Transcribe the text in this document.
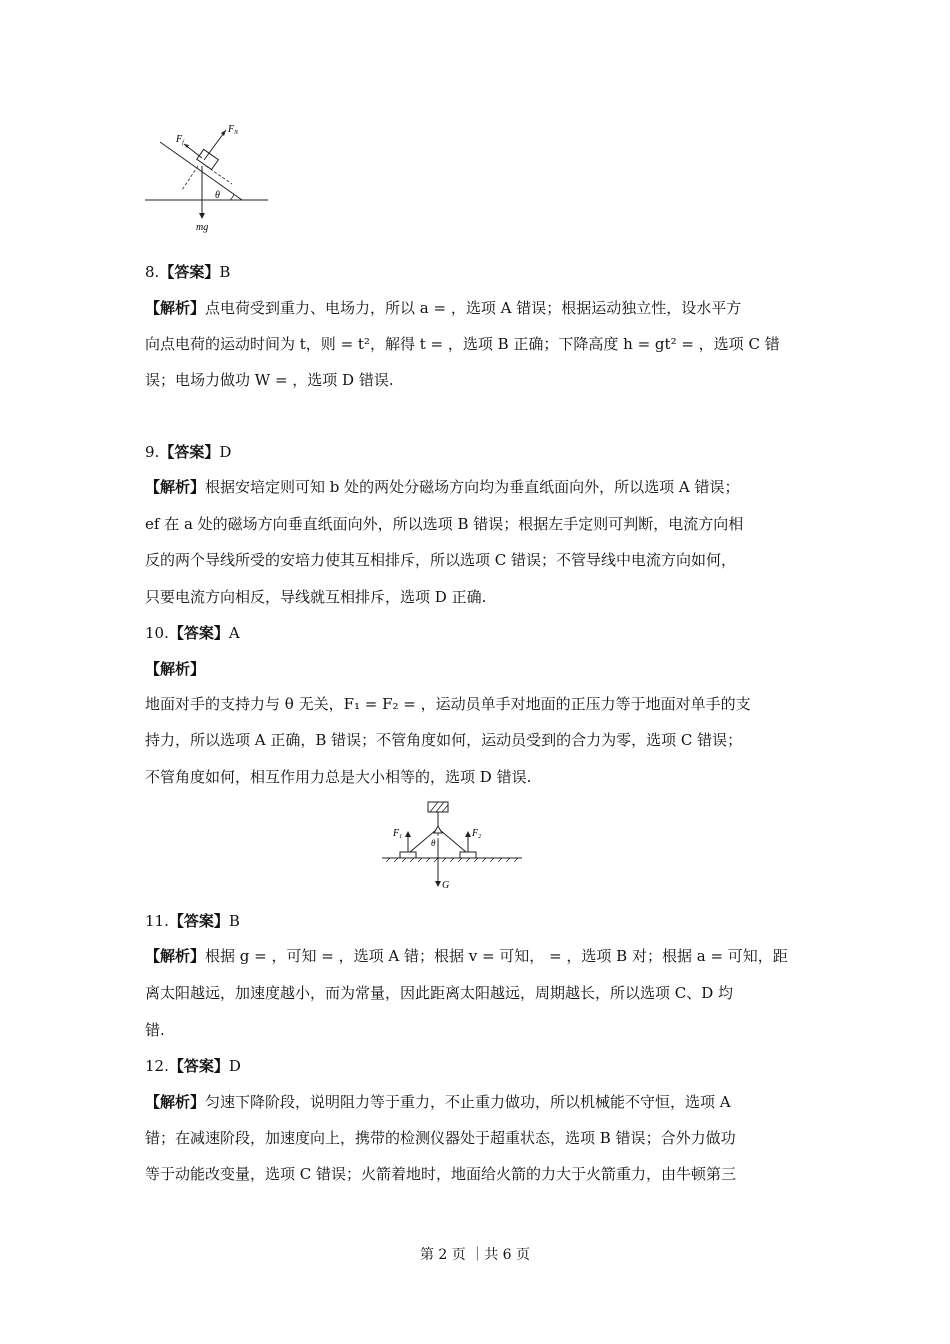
$F_f$
$F_N$
θ
mg
8.【答案】B
【解析】点电荷受到重力、电场力，所以 a = ，选项 A 错误；根据运动独立性，设水平方
向点电荷的运动时间为 t，则 = t²，解得 t = ，选项 B 正确；下降高度 h = gt² = ，选项 C 错
误；电场力做功 W = ，选项 D 错误.
9.【答案】D
【解析】根据安培定则可知 b 处的两处分磁场方向均为垂直纸面向外，所以选项 A 错误；
ef 在 a 处的磁场方向垂直纸面向外，所以选项 B 错误；根据左手定则可判断，电流方向相
反的两个导线所受的安培力使其互相排斥，所以选项 C 错误；不管导线中电流方向如何，
只要电流方向相反，导线就互相排斥，选项 D 正确.
10.【答案】A
【解析】
地面对手的支持力与 θ 无关，F₁ = F₂ = ，运动员单手对地面的正压力等于地面对单手的支
持力，所以选项 A 正确，B 错误；不管角度如何，运动员受到的合力为零，选项 C 错误；
不管角度如何，相互作用力总是大小相等的，选项 D 错误.
$F_1$	$F_2$
θ
G
11.【答案】B
【解析】根据 g = ，可知 = ，选项 A 错；根据 v = 可知， = ，选项 B 对；根据 a = 可知，距
离太阳越远，加速度越小，而为常量，因此距离太阳越远，周期越长，所以选项 C、D 均
错.
12.【答案】D
【解析】匀速下降阶段，说明阻力等于重力，不止重力做功，所以机械能不守恒，选项 A
错；在减速阶段，加速度向上，携带的检测仪器处于超重状态，选项 B 错误；合外力做功
等于动能改变量，选项 C 错误；火箭着地时，地面给火箭的力大于火箭重力，由牛顿第三
第 2 页 ｜共 6 页
